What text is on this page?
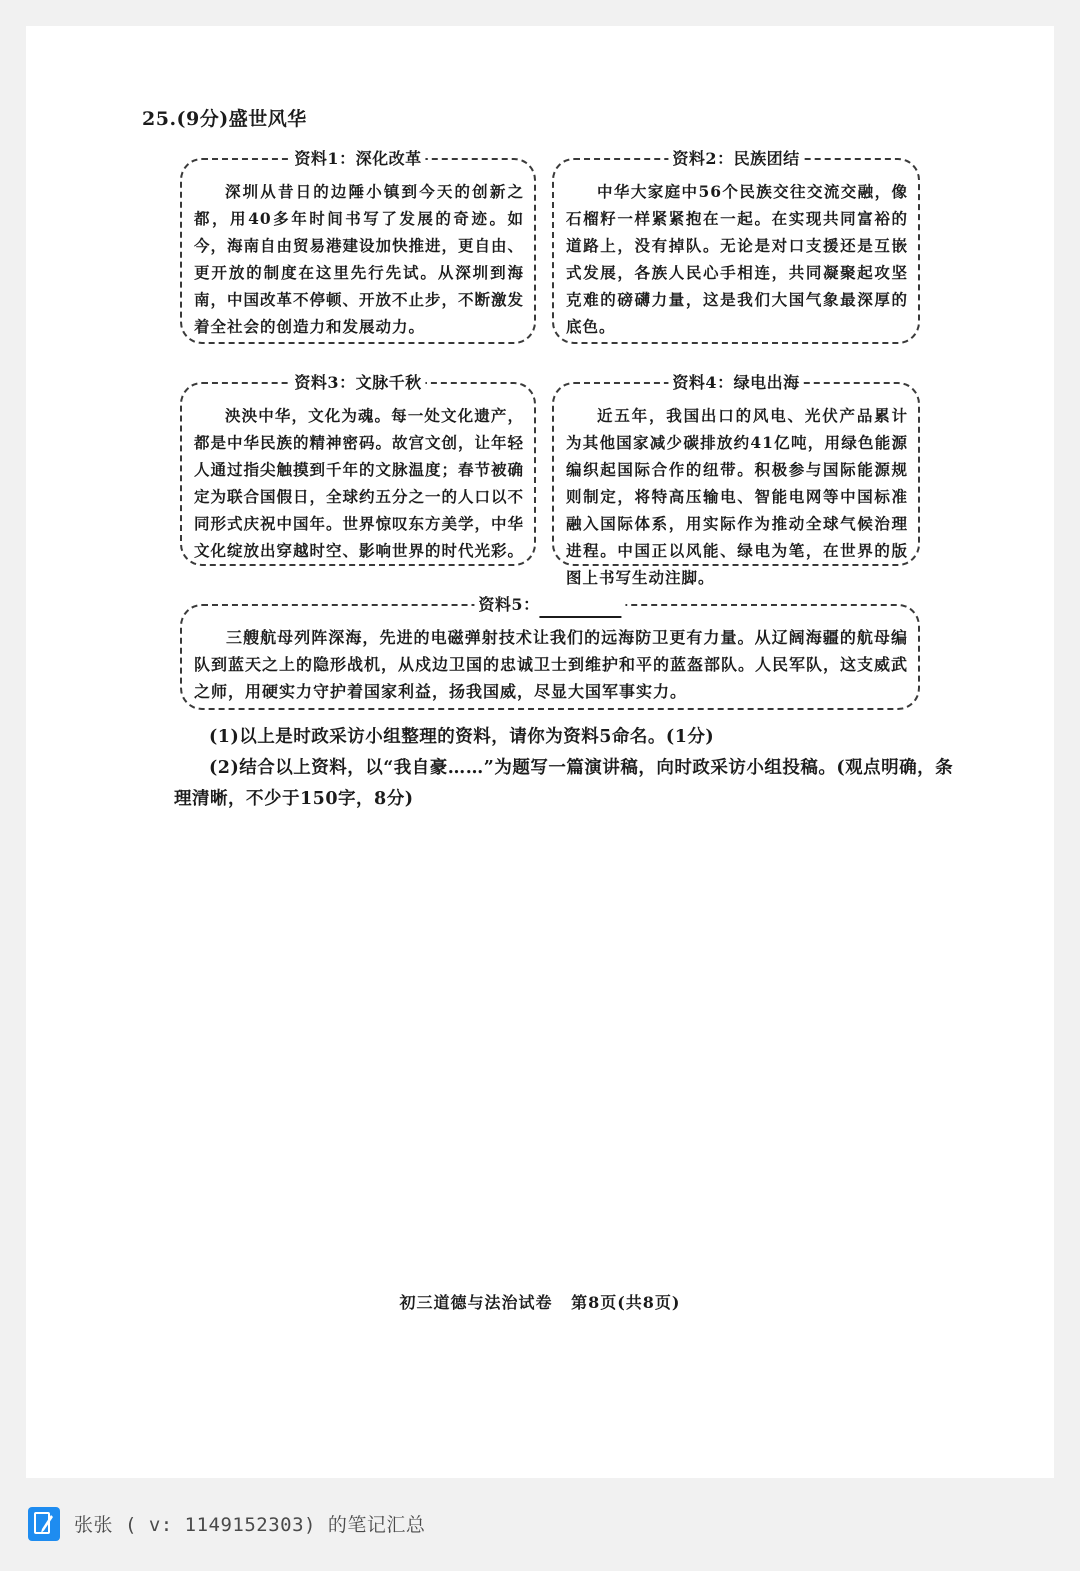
25.(9分)盛世风华
资料1：深化改革

深圳从昔日的边陲小镇到今天的创新之都，用40多年时间书写了发展的奇迹。如今，海南自由贸易港建设加快推进，更自由、更开放的制度在这里先行先试。从深圳到海南，中国改革不停顿、开放不止步，不断激发着全社会的创造力和发展动力。

资料2：民族团结

中华大家庭中56个民族交往交流交融，像石榴籽一样紧紧抱在一起。在实现共同富裕的道路上，没有掉队。无论是对口支援还是互嵌式发展，各族人民心手相连，共同凝聚起攻坚克难的磅礴力量，这是我们大国气象最深厚的底色。

资料3：文脉千秋

泱泱中华，文化为魂。每一处文化遗产，都是中华民族的精神密码。故宫文创，让年轻人通过指尖触摸到千年的文脉温度；春节被确定为联合国假日，全球约五分之一的人口以不同形式庆祝中国年。世界惊叹东方美学，中华文化绽放出穿越时空、影响世界的时代光彩。

资料4：绿电出海

近五年，我国出口的风电、光伏产品累计为其他国家减少碳排放约41亿吨，用绿色能源编织起国际合作的纽带。积极参与国际能源规则制定，将特高压输电、智能电网等中国标准融入国际体系，用实际作为推动全球气候治理进程。中国正以风能、绿电为笔，在世界的版图上书写生动注脚。

资料5：

三艘航母列阵深海，先进的电磁弹射技术让我们的远海防卫更有力量。从辽阔海疆的航母编队到蓝天之上的隐形战机，从戍边卫国的忠诚卫士到维护和平的蓝盔部队。人民军队，这支威武之师，用硬实力守护着国家利益，扬我国威，尽显大国军事实力。

(1)以上是时政采访小组整理的资料，请你为资料5命名。(1分)

(2)结合以上资料，以“我自豪……”为题写一篇演讲稿，向时政采访小组投稿。(观点明确，条理清晰，不少于150字，8分)

初三道德与法治试卷 第8页(共8页)
张张 ( v: 1149152303) 的笔记汇总
